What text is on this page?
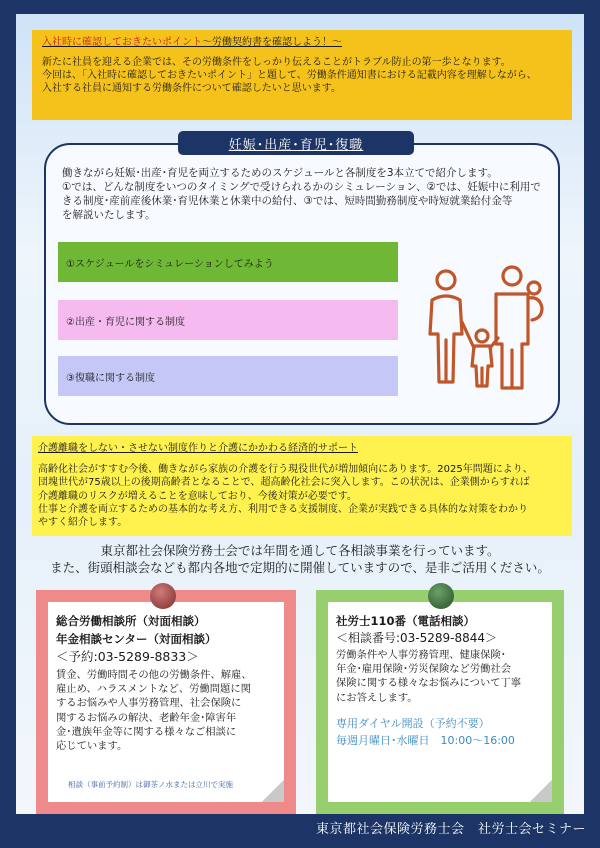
入社時に確認しておきたいポイント～労働契約書を確認しよう！～
新たに社員を迎える企業では、その労働条件をしっかり伝えることがトラブル防止の第一歩となります。
今回は、「入社時に確認しておきたいポイント」と題して、労働条件通知書における記載内容を理解しながら、
入社する社員に通知する労働条件について確認したいと思います。
妊娠･出産･育児･復職
働きながら妊娠･出産･育児を両立するためのスケジュールと各制度を3本立てで紹介します。
①では、どんな制度をいつのタイミングで受けられるかのシミュレーション、②では、妊娠中に利用で
きる制度･産前産後休業･育児休業と休業中の給付、③では、短時間勤務制度や時短就業給付金等
を解説いたします。
①スケジュールをシミュレーションしてみよう
②出産・育児に関する制度
③復職に関する制度
介護離職をしない・させない制度作りと介護にかかわる経済的サポート
高齢化社会がすすむ今後、働きながら家族の介護を行う現役世代が増加傾向にあります。2025年問題により、
団塊世代が75歳以上の後期高齢者となることで、超高齢化社会に突入します。この状況は、企業側からすれば
介護離職のリスクが増えることを意味しており、今後対策が必要です。
仕事と介護を両立するための基本的な考え方、利用できる支援制度、企業が実践できる具体的な対策をわかり
やすく紹介します。
東京都社会保険労務士会では年間を通して各相談事業を行っています。
また、街頭相談会なども都内各地で定期的に開催していますので、是非ご活用ください。
総合労働相談所（対面相談）
年金相談センター（対面相談）
＜予約:03-5289-8833＞
賃金、労働時間その他の労働条件、解雇、
雇止め、ハラスメントなど、労働問題に関
するお悩みや人事労務管理、社会保険に
関するお悩みの解決、老齢年金･障害年
金･遺族年金等に関する様々なご相談に
応じています。
相談（事前予約制）は御茶ノ水または立川で実施
社労士110番（電話相談）
＜相談番号:03-5289-8844＞
労働条件や人事労務管理、健康保険･
年金･雇用保険･労災保険など労働社会
保険に関する様々なお悩みについて丁寧
にお答えします。
専用ダイヤル開設（予約不要）
毎週月曜日･水曜日　10:00～16:00
東京都社会保険労務士会　社労士会セミナー
